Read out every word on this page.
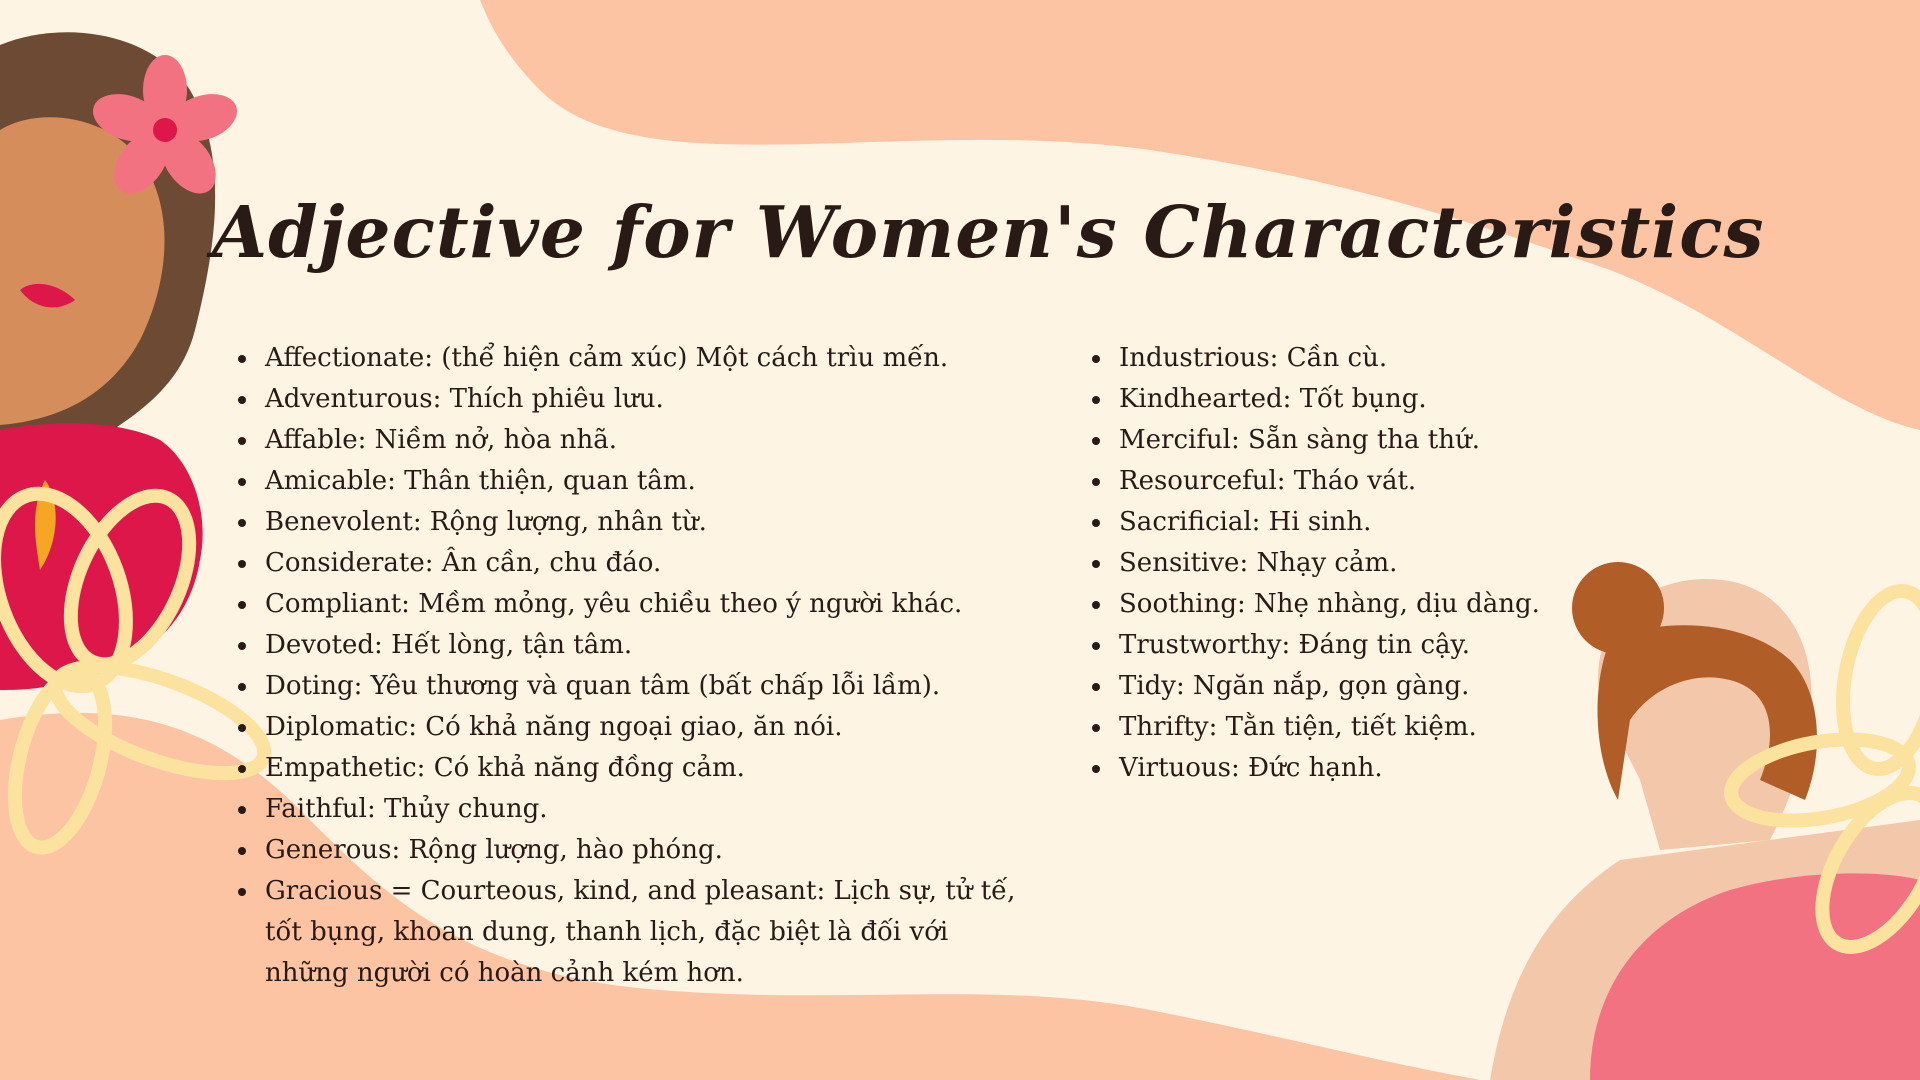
Adjective for Women's Characteristics
Affectionate: (thể hiện cảm xúc) Một cách trìu mến.
Adventurous: Thích phiêu lưu.
Affable: Niềm nở, hòa nhã.
Amicable: Thân thiện, quan tâm.
Benevolent: Rộng lượng, nhân từ.
Considerate: Ân cần, chu đáo.
Compliant: Mềm mỏng, yêu chiều theo ý người khác.
Devoted: Hết lòng, tận tâm.
Doting: Yêu thương và quan tâm (bất chấp lỗi lầm).
Diplomatic: Có khả năng ngoại giao, ăn nói.
Empathetic: Có khả năng đồng cảm.
Faithful: Thủy chung.
Generous: Rộng lượng, hào phóng.
Gracious = Courteous, kind, and pleasant: Lịch sự, tử tế, tốt bụng, khoan dung, thanh lịch, đặc biệt là đối với những người có hoàn cảnh kém hơn.
Industrious: Cần cù.
Kindhearted: Tốt bụng.
Merciful: Sẵn sàng tha thứ.
Resourceful: Tháo vát.
Sacrificial: Hi sinh.
Sensitive: Nhạy cảm.
Soothing: Nhẹ nhàng, dịu dàng.
Trustworthy: Đáng tin cậy.
Tidy: Ngăn nắp, gọn gàng.
Thrifty: Tằn tiện, tiết kiệm.
Virtuous: Đức hạnh.
